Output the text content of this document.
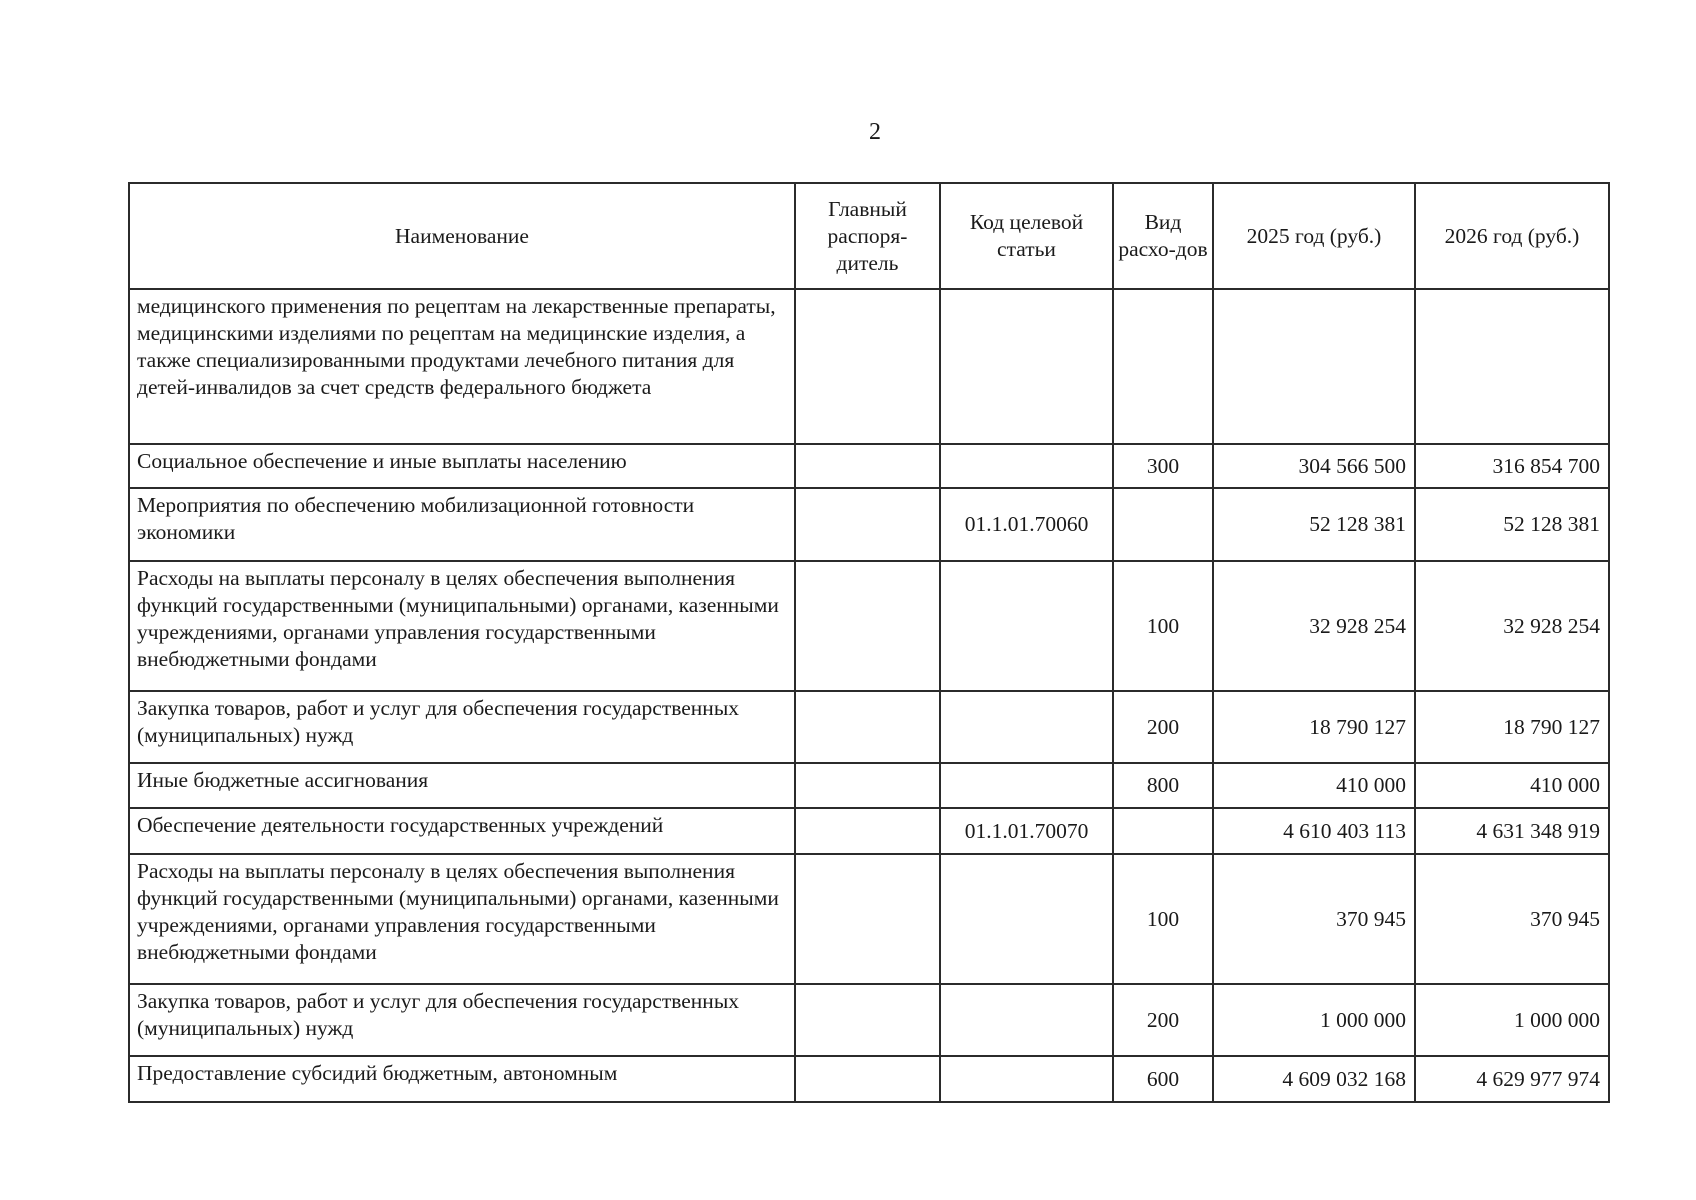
2
Наименование	Главный распоря-дитель	Код целевой статьи	Вид расхо-дов	2025 год (руб.)	2026 год (руб.)
медицинского применения по рецептам на лекарственные препараты, медицинскими изделиями по рецептам на медицинские изделия, а также специализированными продуктами лечебного питания для детей-инвалидов за счет средств федерального бюджета					
Социальное обеспечение и иные выплаты населению			300	304 566 500	316 854 700
Мероприятия по обеспечению мобилизационной готовности экономики		01.1.01.70060		52 128 381	52 128 381
Расходы на выплаты персоналу в целях обеспечения выполнения функций государственными (муниципальными) органами, казенными учреждениями, органами управления государственными внебюджетными фондами			100	32 928 254	32 928 254
Закупка товаров, работ и услуг для обеспечения государственных (муниципальных) нужд			200	18 790 127	18 790 127
Иные бюджетные ассигнования			800	410 000	410 000
Обеспечение деятельности государственных учреждений		01.1.01.70070		4 610 403 113	4 631 348 919
Расходы на выплаты персоналу в целях обеспечения выполнения функций государственными (муниципальными) органами, казенными учреждениями, органами управления государственными внебюджетными фондами			100	370 945	370 945
Закупка товаров, работ и услуг для обеспечения государственных (муниципальных) нужд			200	1 000 000	1 000 000
Предоставление субсидий бюджетным, автономным			600	4 609 032 168	4 629 977 974
